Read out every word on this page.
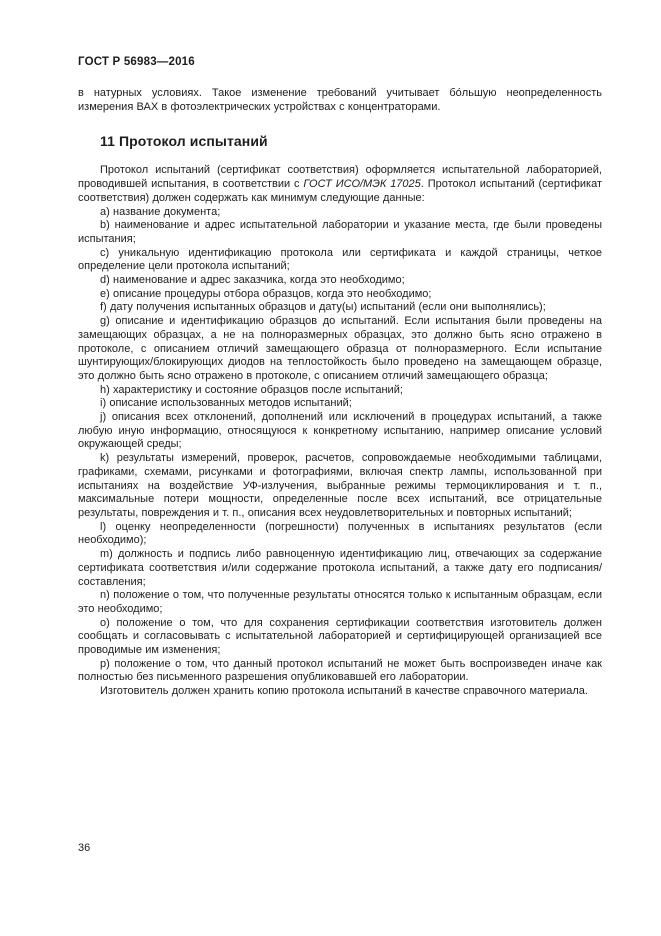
ГОСТ Р 56983—2016

в натурных условиях. Такое изменение требований учитывает бо́льшую неопределенность измерения ВАХ в фотоэлектрических устройствах с концентраторами.

11 Протокол испытаний

Протокол испытаний (сертификат соответствия) оформляется испытательной лабораторией, проводившей испытания, в соответствии с ГОСТ ИСО/МЭК 17025. Протокол испытаний (сертификат соответствия) должен содержать как минимум следующие данные:

a) название документа;

b) наименование и адрес испытательной лаборатории и указание места, где были проведены испытания;

c) уникальную идентификацию протокола или сертификата и каждой страницы, четкое определение цели протокола испытаний;

d) наименование и адрес заказчика, когда это необходимо;

e) описание процедуры отбора образцов, когда это необходимо;

f) дату получения испытанных образцов и дату(ы) испытаний (если они выполнялись);

g) описание и идентификацию образцов до испытаний. Если испытания были проведены на замещающих образцах, а не на полноразмерных образцах, это должно быть ясно отражено в протоколе, с описанием отличий замещающего образца от полноразмерного. Если испытание шунтирующих/блокирующих диодов на теплостойкость было проведено на замещающем образце, это должно быть ясно отражено в протоколе, с описанием отличий замещающего образца;

h) характеристику и состояние образцов после испытаний;

i) описание использованных методов испытаний;

j) описания всех отклонений, дополнений или исключений в процедурах испытаний, а также любую иную информацию, относящуюся к конкретному испытанию, например описание условий окружающей среды;

k) результаты измерений, проверок, расчетов, сопровождаемые необходимыми таблицами, графиками, схемами, рисунками и фотографиями, включая спектр лампы, использованной при испытаниях на воздействие УФ-излучения, выбранные режимы термоциклирования и т. п., максимальные потери мощности, определенные после всех испытаний, все отрицательные результаты, повреждения и т. п., описания всех неудовлетворительных и повторных испытаний;

l) оценку неопределенности (погрешности) полученных в испытаниях результатов (если необходимо);

m) должность и подпись либо равноценную идентификацию лиц, отвечающих за содержание сертификата соответствия и/или содержание протокола испытаний, а также дату его подписания/составления;

n) положение о том, что полученные результаты относятся только к испытанным образцам, если это необходимо;

o) положение о том, что для сохранения сертификации соответствия изготовитель должен сообщать и согласовывать с испытательной лабораторией и сертифицирующей организацией все проводимые им изменения;

p) положение о том, что данный протокол испытаний не может быть воспроизведен иначе как полностью без письменного разрешения опубликовавшей его лаборатории.

Изготовитель должен хранить копию протокола испытаний в качестве справочного материала.

36
